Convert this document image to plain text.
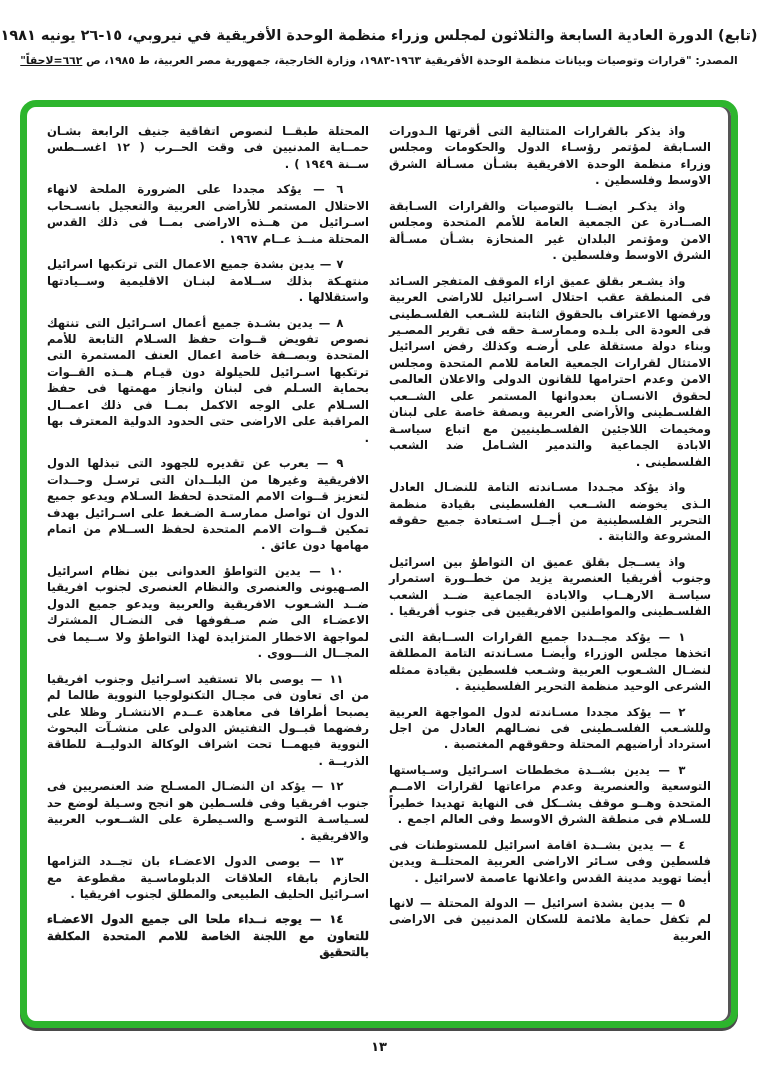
(تابع) الدورة العادية السابعة والثلاثون لمجلس وزراء منظمة الوحدة الأفريقية في نيروبي، ١٥-٢٦ يونيه ١٩٨١
المصدر: "قرارات وتوصيات وبيانات منظمة الوحدة الأفريقية ١٩٦٣-١٩٨٣، وزارة الخارجية، جمهورية مصر العربية، ط ١٩٨٥، ص ٦٦٢=لاحقاً"

واذ يذكر بالقرارات المتتالية التى أقرتها الـدورات السـابقة لمؤتمر رؤسـاء الدول والحكومات ومجلس وزراء منظمة الوحدة الافريقية بشـأن مسـألة الشرق الاوسط وفلسطين .

واذ يذكـر ايضــا بالتوصيات والقرارات السـابقة الصــادرة عن الجمعية العامة للأمم المتحدة ومجلس الامن ومؤتمر البلدان غير المنحازة بشـأن مسـألة الشرق الاوسط وفلسطين .

واذ يشـعر بقلق عميق ازاء الموقف المتفجر السـائد فى المنطقة عقب احتلال اسـرائيل للاراضى العربية ورفضها الاعتراف بالحقوق الثابتة للشـعب الفلسـطينى فى العودة الى بلـده وممارسـة حقه فى تقرير المصـير وبناء دولة مستقلة على أرضـه وكذلك رفض اسرائيل الامتثال لقرارات الجمعية العامة للامم المتحدة ومجلس الامن وعدم احترامها للقانون الدولى والاعلان العالمى لحقوق الانسـان بعدوانها المستمر على الشــعب الفلسـطينى والأراضى العربية وبصفة خاصة على لبنان ومخيمات اللاجئين الفلسـطينيين مع اتباع سياسـة الابادة الجماعية والتدمير الشـامل ضد الشعب الفلسطينى .

واذ يؤكد مجـددا مسـاندته التامة للنضـال العادل الـذى يخوضه الشــعب الفلسطينى بقيادة منظمة التحرير الفلسطينية من أجــل اسـتعادة جميع حقوقه المشروعة والثابتة .

واذ يســجل بقلق عميق ان التواطؤ بين اسرائيل وجنوب أفريقيا العنصرية يزيد من خطــورة استمرار سياسـة الارهــاب والابادة الجماعية ضــد الشعب الفلسـطينى والمواطنين الافريقيين فى جنوب أفريقيا .

١ — يؤكد مجــددا جميع القرارات الســابقة التى اتخذها مجلس الوزراء وأيضـا مسـاندته التامة المطلقة لنضـال الشـعوب العربية وشـعب فلسطين بقيادة ممثله الشرعى الوحيد منظمة التحرير الفلسطينية .

٢ — يؤكد مجددا مسـاندته لدول المواجهة العربية وللشـعب الفلسـطينى فى نضـالهم العادل من اجل استرداد أراضيهم المحتلة وحقوقهم المغتصبة .

٣ — يدين بشــدة مخططات اسـرائيل وسـياستها التوسعية والعنصرية وعدم مراعاتها لقرارات الامــم المتحدة وهــو موقف يشــكل فى النهاية تهديدا خطيراً للسـلام فى منطقة الشرق الاوسط وفى العالم اجمع .

٤ — يدين بشــدة اقامة اسرائيل للمستوطنات فى فلسطين وفى سـائر الاراضى العربية المحتلــة ويدين أيضا تهويد مدينة القدس واعلانها عاصمة لاسرائيل .

٥ — يدين بشدة اسرائيل — الدولة المحتلة — لانها لم تكفل حماية ملائمة للسكان المدنيين فى الاراضى العربية

المحتلة طبقــا لنصوص اتفاقية جنيف الرابعة بشـان حمــاية المدنيين فى وقت الحــرب ( ١٢ اغســطس ســنة ١٩٤٩ ) .

٦ — يؤكد مجددا على الضرورة الملحة لانهاء الاحتلال المستمر للأراضى العربية والتعجيل بانسـحاب اسـرائيل من هــذه الاراضى بمــا فى ذلك القدس المحتلة منــذ عــام ١٩٦٧ .

٧ — يدين بشدة جميع الاعمال التى ترتكبها اسرائيل منتهـكة بذلك ســلامة لبنـان الاقليمية وســيادتها واستقلالها .

٨ — يدين بشـدة جميع أعمال اسـرائيل التى تنتهك نصوص تفويض قــوات حفظ السـلام التابعة للأمم المتحدة وبصــفة خاصة اعمال العنف المستمرة التى ترتكبها اسـرائيل للحيلولة دون قيـام هــذه القــوات بحماية السـلم فى لبنان وانجاز مهمتها فى حفظ السـلام على الوجه الاكمل بمــا فى ذلك اعمــال المراقبة على الاراضى حتى الحدود الدولية المعترف بها .

٩ — يعرب عن تقديره للجهود التى تبذلها الدول الافريقية وغيرها من البلــدان التى ترسـل وحــدات لتعزيز قــوات الامم المتحدة لحفظ السـلام ويدعو جميع الدول ان تواصل ممارسـة الضـغط على اسـرائيل بهدف تمكين قــوات الامم المتحدة لحفظ الســلام من اتمام مهامها دون عائق .

١٠ — يدين التواطؤ العدوانى بين نظام اسرائيل الصـهيونى والعنصرى والنظام العنصرى لجنوب افريقيا ضــد الشـعوب الافريقية والعربية ويدعو جميع الدول الاعضـاء الى ضم صـفوفها فى النضـال المشترك لمواجهة الاخطار المتزايدة لهذا التواطؤ ولا ســيما فى المجــال النـــووى .

١١ — يوصى بالا تستفيد اسـرائيل وجنوب افريقيا من اى تعاون فى مجـال التكنولوجيا النووية طالما لم يصبحا أطرافا فى معاهدة عــدم الانتشـار وظلا على رفضهما قبــول التفتيش الدولى على منشـآت البحوث النووية فيهمــا تحت اشراف الوكالة الدوليــة للطاقة الذريــة .

١٢ — يؤكد ان النضـال المسـلح ضد العنصريين فى جنوب افريقيا وفى فلسـطين هو انجح وسـيلة لوضع حد لسـياسـة التوسـع والسـيطرة على الشــعوب العربية والافريقية .

١٣ — يوصى الدول الاعضـاء بان تجــدد التزامها الحازم بابقاء العلاقات الدبلوماسـية مقطوعة مع اسـرائيل الحليف الطبيعى والمطلق لجنوب افريقيا .

١٤ — يوجه نــداء ملحا الى جميع الدول الاعضـاء للتعاون مع اللجنة الخاصة للامم المتحدة المكلفة بالتحقيق

١٣
